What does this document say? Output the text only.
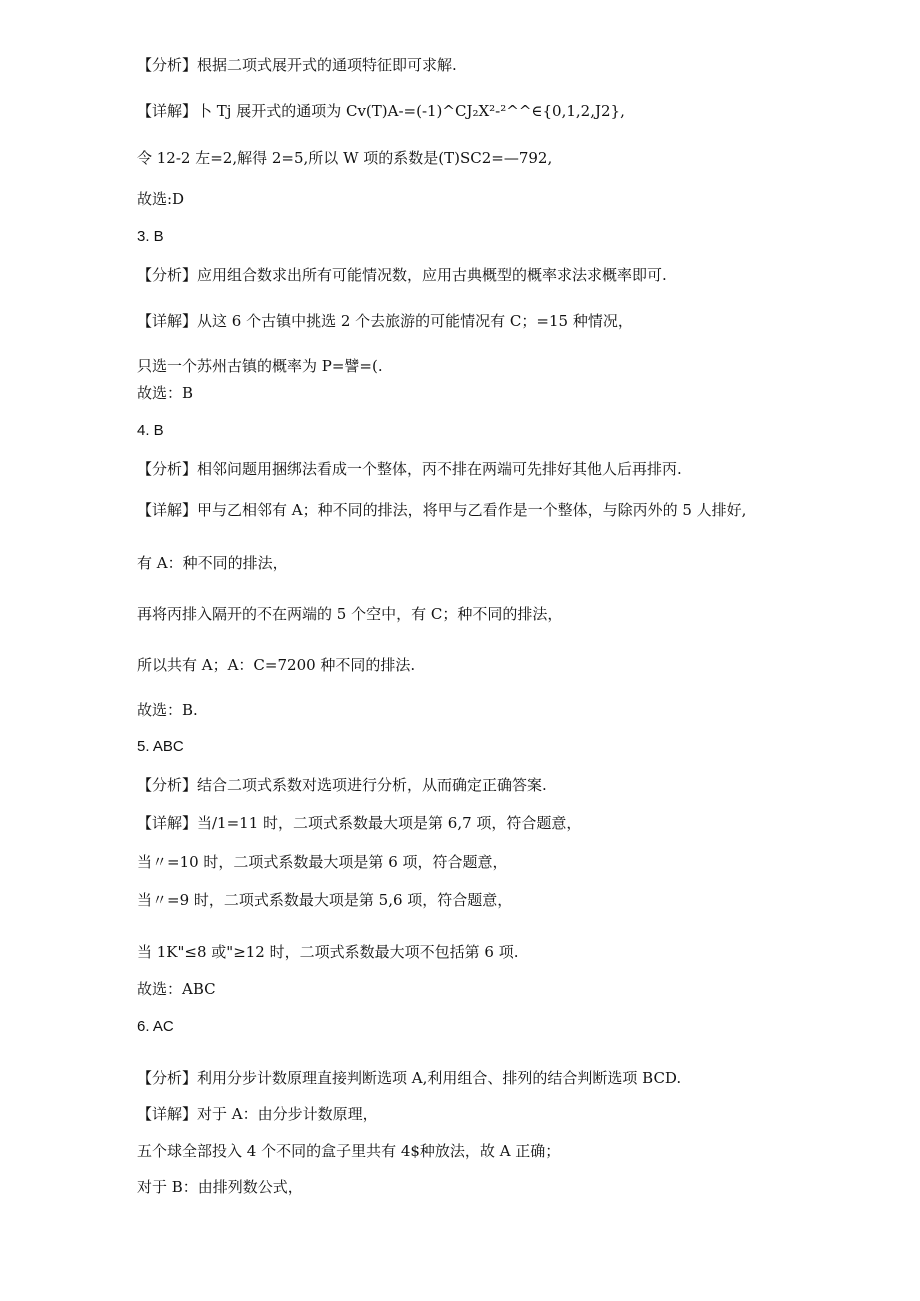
【分析】根据二项式展开式的通项特征即可求解.
【详解】卜 Tj 展开式的通项为 Cv(T)A-=(-1)^CJ₂X²-²^^∈{0,1,2,J2},
令 12-2 左=2,解得 2=5,所以 W 项的系数是(T)SC2=—792,
故选:D
3. B
【分析】应用组合数求出所有可能情况数，应用古典概型的概率求法求概率即可.
【详解】从这 6 个古镇中挑选 2 个去旅游的可能情况有 C；=15 种情况，
只选一个苏州古镇的概率为 P=譬=(.
故选：B
4. B
【分析】相邻问题用捆绑法看成一个整体，丙不排在两端可先排好其他人后再排丙.
【详解】甲与乙相邻有 A；种不同的排法，将甲与乙看作是一个整体，与除丙外的 5 人排好,
有 A：种不同的排法，
再将丙排入隔开的不在两端的 5 个空中，有 C；种不同的排法，
所以共有 A；A：C=7200 种不同的排法.
故选：B.
5. ABC
【分析】结合二项式系数对选项进行分析，从而确定正确答案.
【详解】当/1=11 时，二项式系数最大项是第 6,7 项，符合题意，
当〃=10 时，二项式系数最大项是第 6 项，符合题意，
当〃=9 时，二项式系数最大项是第 5,6 项，符合题意，
当 1K"≤8 或"≥12 时，二项式系数最大项不包括第 6 项.
故选：ABC
6. AC
【分析】利用分步计数原理直接判断选项 A,利用组合、排列的结合判断选项 BCD.
【详解】对于 A：由分步计数原理，
五个球全部投入 4 个不同的盒子里共有 4$种放法，故 A 正确；
对于 B：由排列数公式，
